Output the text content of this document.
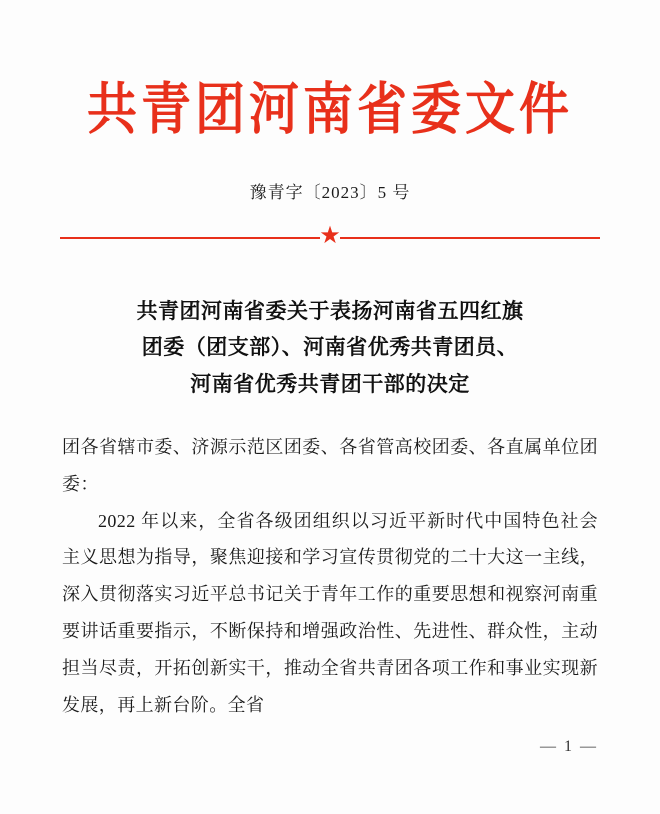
共青团河南省委文件
豫青字〔2023〕5 号
★
共青团河南省委关于表扬河南省五四红旗
团委（团支部）、河南省优秀共青团员、
河南省优秀共青团干部的决定

团各省辖市委、济源示范区团委、各省管高校团委、各直属单位团委：

2022 年以来，全省各级团组织以习近平新时代中国特色社会主义思想为指导，聚焦迎接和学习宣传贯彻党的二十大这一主线，深入贯彻落实习近平总书记关于青年工作的重要思想和视察河南重要讲话重要指示，不断保持和增强政治性、先进性、群众性，主动担当尽责，开拓创新实干，推动全省共青团各项工作和事业实现新发展，再上新台阶。全省

— 1 —
